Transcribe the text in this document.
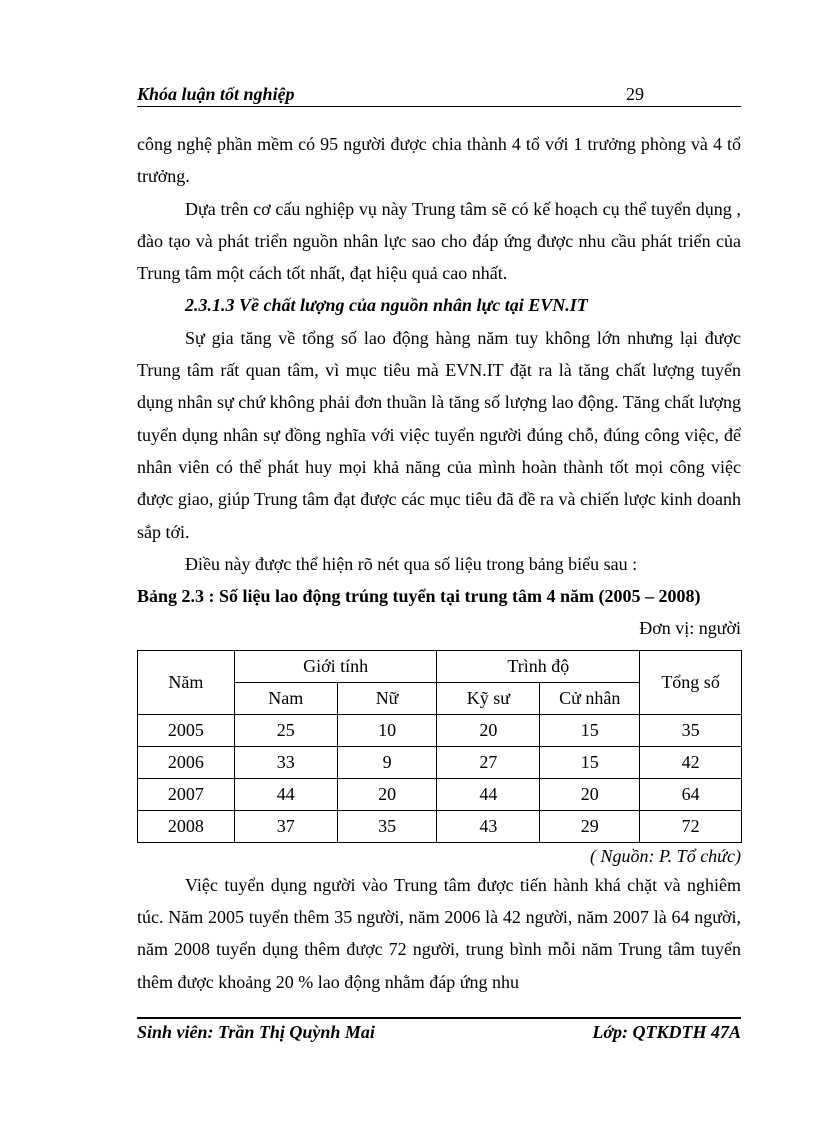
Khóa luận tốt nghiệp	29

công nghệ phần mềm có 95 người được chia thành 4 tổ với 1 trưởng phòng và 4 tổ trưởng.

Dựa trên cơ cấu nghiệp vụ này Trung tâm sẽ có kế hoạch cụ thể tuyển dụng , đào tạo và phát triển nguồn nhân lực sao cho đáp ứng được nhu cầu phát triển của Trung tâm một cách tốt nhất, đạt hiệu quả cao nhất.

2.3.1.3 Về chất lượng của nguồn nhân lực tại EVN.IT

Sự gia tăng về tổng số lao động hàng năm tuy không lớn nhưng lại được Trung tâm rất quan tâm, vì mục tiêu mà EVN.IT đặt ra là tăng chất lượng tuyển dụng nhân sự chứ không phải đơn thuần là tăng số lượng lao động. Tăng chất lượng tuyển dụng nhân sự đồng nghĩa với việc tuyển người đúng chỗ, đúng công việc, để nhân viên có thể phát huy mọi khả năng của mình hoàn thành tốt mọi công việc được giao, giúp Trung tâm đạt được các mục tiêu đã đề ra và chiến lược kinh doanh sắp tới.

Điều này được thể hiện rõ nét qua số liệu trong bảng biểu sau :

Bảng 2.3 : Số liệu lao động trúng tuyển tại trung tâm 4 năm (2005 – 2008)

Đơn vị: người

Năm	Giới tính		Trình độ		Tổng số
	Nam	Nữ	Kỹ sư	Cử nhân	
2005	25	10	20	15	35
2006	33	9	27	15	42
2007	44	20	44	20	64
2008	37	35	43	29	72

( Nguồn: P. Tổ chức)

Việc tuyển dụng người vào Trung tâm được tiến hành khá chặt và nghiêm túc. Năm 2005 tuyển thêm 35 người, năm 2006 là 42 người, năm 2007 là 64 người, năm 2008 tuyển dụng thêm được 72 người, trung bình mỗi năm Trung tâm tuyển thêm được khoảng 20 % lao động nhằm đáp ứng nhu

Sinh viên: Trần Thị Quỳnh Mai	Lớp: QTKDTH 47A
